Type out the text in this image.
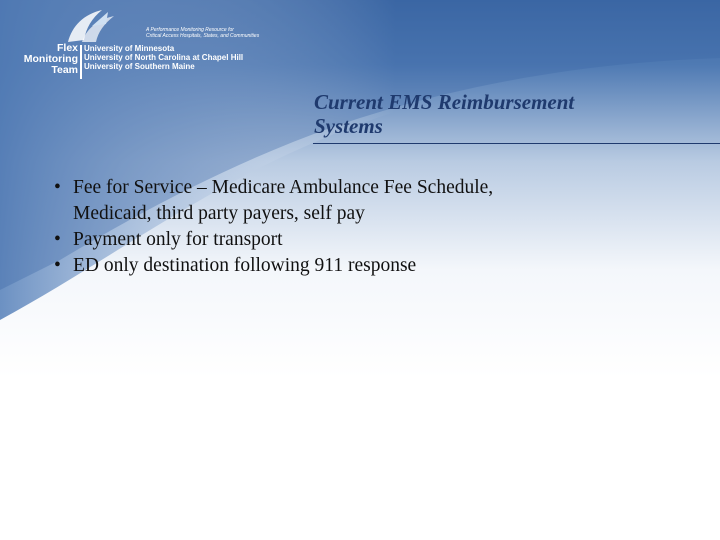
A Performance Monitoring Resource for
Critical Access Hospitals, States, and Communities
Flex
Monitoring
Team
University of Minnesota
University of North Carolina at Chapel Hill
University of Southern Maine
Current EMS Reimbursement
Systems
• Fee for Service – Medicare Ambulance Fee Schedule,
Medicaid, third party payers, self pay
• Payment only for transport
• ED only destination following 911 response
